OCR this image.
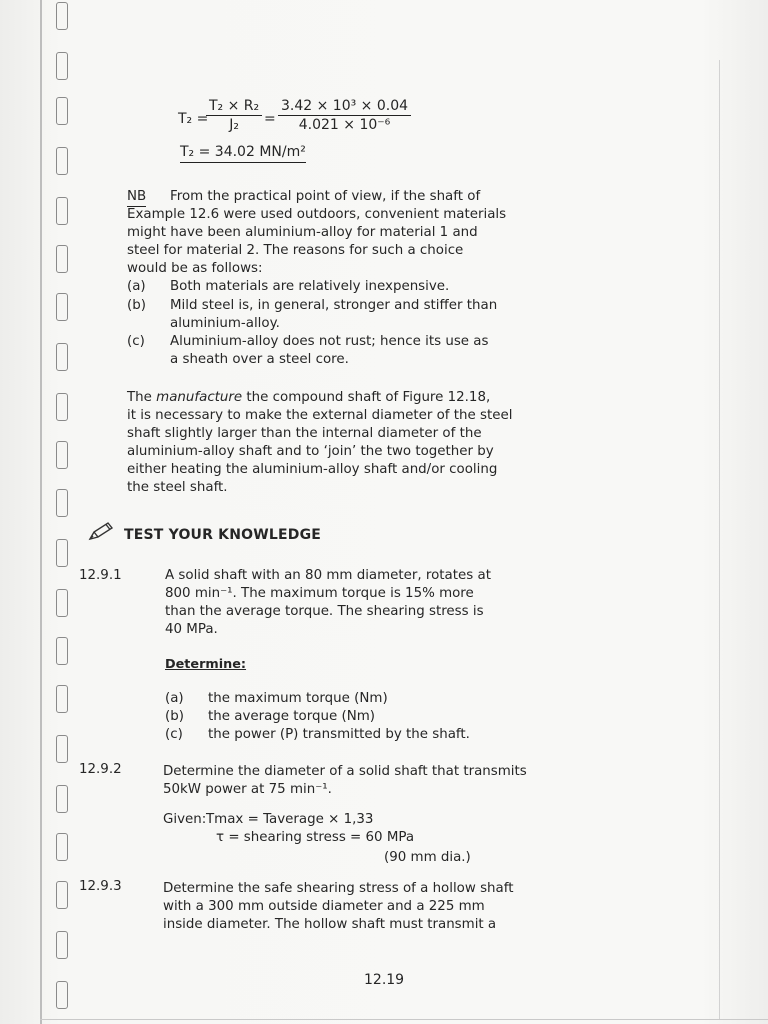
T₂ =
$\frac{\text{T₂ × R₂}}{\text{J₂}} = \frac{\text{3.42 × 10³ × 0.04}}{\text{4.021 × 10⁻⁶}}$
T₂ = 34.02 MN/m²
NB From the practical point of view, if the shaft of
Example 12.6 were used outdoors, convenient materials
might have been aluminium-alloy for material 1 and
steel for material 2. The reasons for such a choice
would be as follows:
(a) Both materials are relatively inexpensive.
(b) Mild steel is, in general, stronger and stiffer than
aluminium-alloy.
(c) Aluminium-alloy does not rust; hence its use as
a sheath over a steel core.
The manufacture the compound shaft of Figure 12.18,
it is necessary to make the external diameter of the steel
shaft slightly larger than the internal diameter of the
aluminium-alloy shaft and to ‘join’ the two together by
either heating the aluminium-alloy shaft and/or cooling
the steel shaft.
TEST YOUR KNOWLEDGE
12.9.1	A solid shaft with an 80 mm diameter, rotates at
800 min⁻¹. The maximum torque is 15% more
than the average torque. The shearing stress is
40 MPa.
Determine:
(a) the maximum torque (Nm)
(b) the average torque (Nm)
(c) the power (P) transmitted by the shaft.
12.9.2	Determine the diameter of a solid shaft that transmits
50kW power at 75 min⁻¹.
Given: Tmax = Taverage × 1,33
τ = shearing stress = 60 MPa
(90 mm dia.)
12.9.3	Determine the safe shearing stress of a hollow shaft
with a 300 mm outside diameter and a 225 mm
inside diameter. The hollow shaft must transmit a
12.19
